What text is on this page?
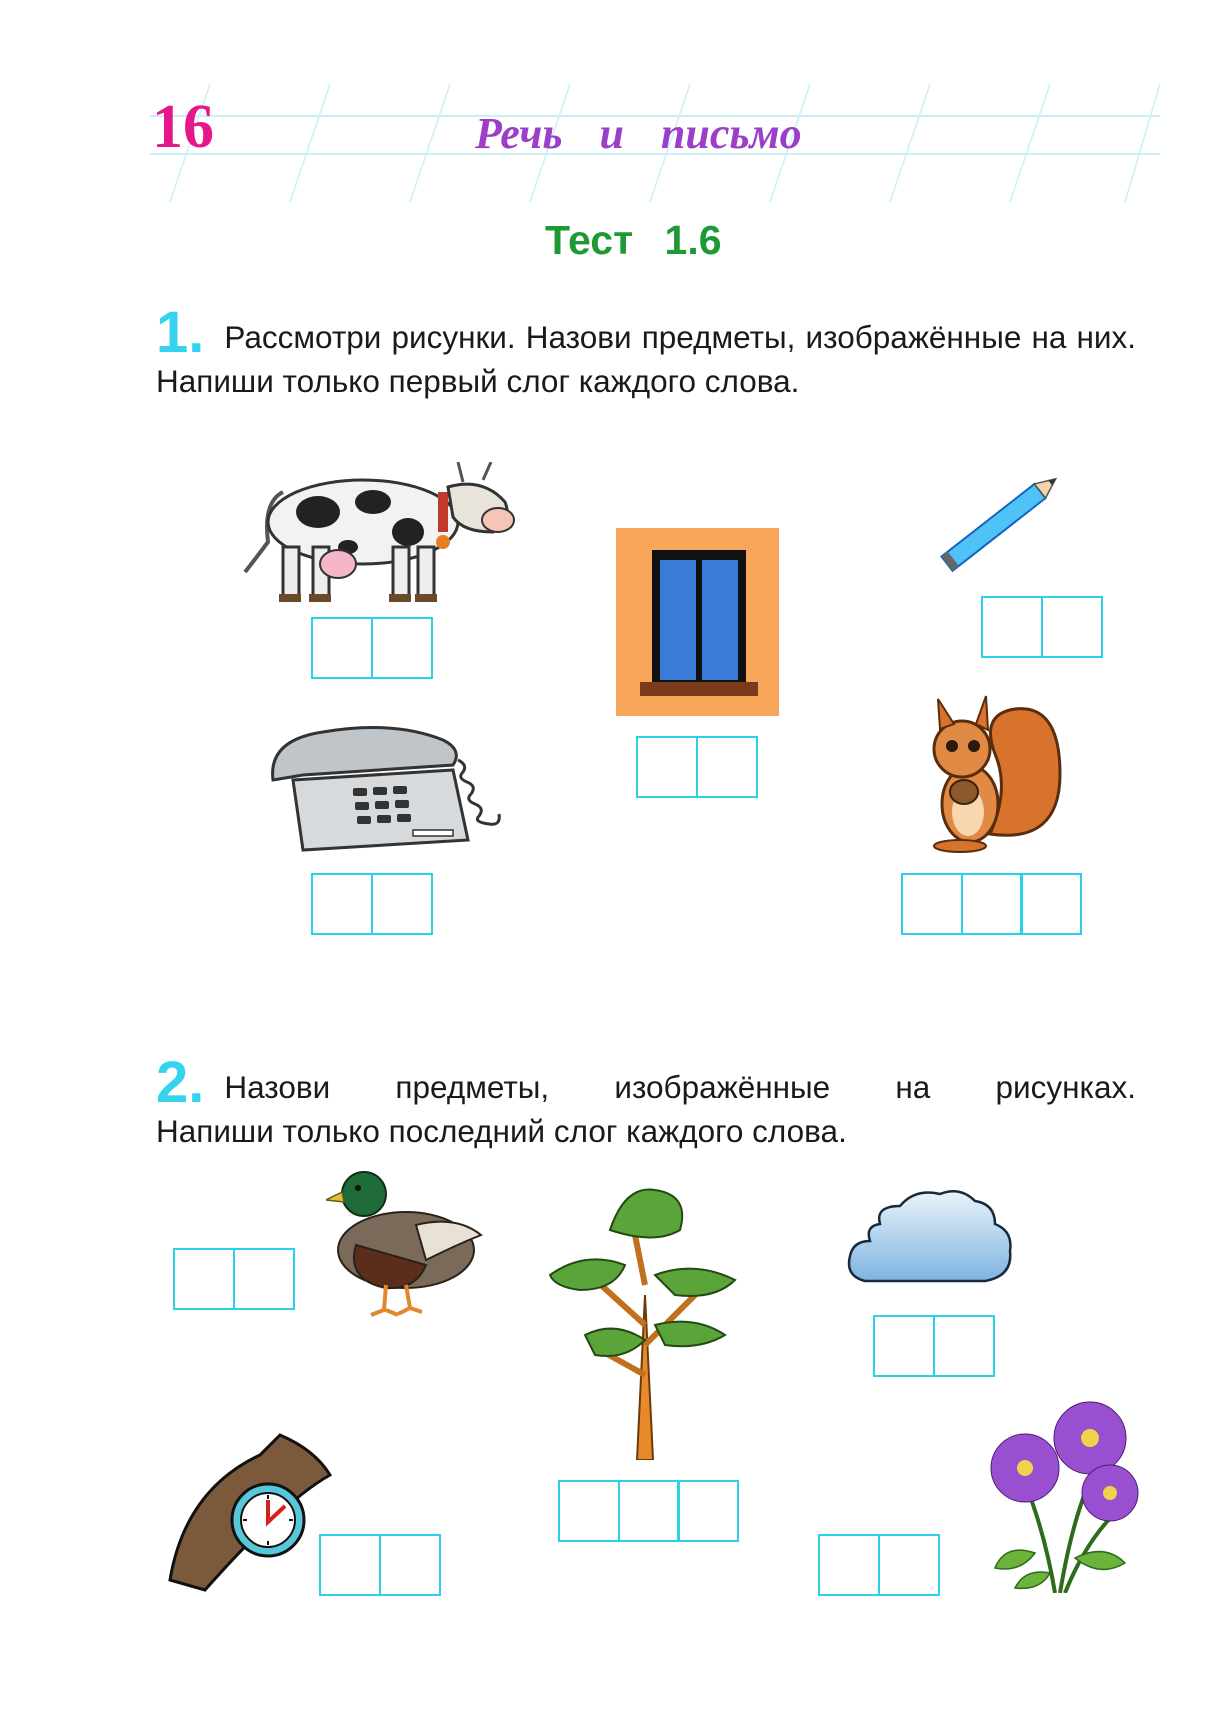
16	Речь и письмо
Тест 1.6
1. Рассмотри рисунки. Назови предметы, изображённые на них. Напиши только первый слог каждого слова.
2. Назови предметы, изображённые на рисунках.
Напиши только последний слог каждого слова.
